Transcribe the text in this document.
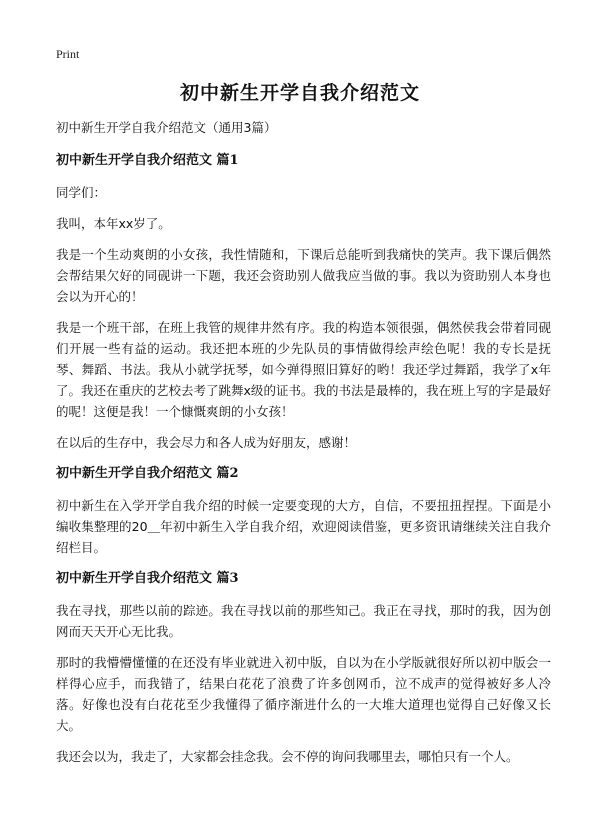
Print
初中新生开学自我介绍范文
初中新生开学自我介绍范文（通用3篇）
初中新生开学自我介绍范文 篇1

同学们：

我叫，本年xx岁了。

我是一个生动爽朗的小女孩，我性情随和，下课后总能听到我痛快的笑声。我下课后偶然会帮结果欠好的同砚讲一下题，我还会资助别人做我应当做的事。我以为资助别人本身也会以为开心的！

我是一个班干部，在班上我管的规律井然有序。我的构造本领很强，偶然侯我会带着同砚们开展一些有益的运动。我还把本班的少先队员的事情做得绘声绘色呢！我的专长是抚琴、舞蹈、书法。我从小就学抚琴，如今弹得照旧算好的哟！我还学过舞蹈，我学了x年了。我还在重庆的艺校去考了跳舞x级的证书。我的书法是最棒的，我在班上写的字是最好的呢！这便是我！一个慷慨爽朗的小女孩！

在以后的生存中，我会尽力和各人成为好朋友，感谢！

初中新生开学自我介绍范文 篇2

初中新生在入学开学自我介绍的时候一定要变现的大方，自信，不要扭扭捏捏。下面是小编收集整理的20＿年初中新生入学自我介绍，欢迎阅读借鉴，更多资讯请继续关注自我介绍栏目。

初中新生开学自我介绍范文 篇3

我在寻找，那些以前的踪迹。我在寻找以前的那些知己。我正在寻找，那时的我，因为创网而天天开心无比我。

那时的我懵懵懂懂的在还没有毕业就进入初中版，自以为在小学版就很好所以初中版会一样得心应手，而我错了，结果白花花了浪费了许多创网币，泣不成声的觉得被好多人冷落。好像也没有白花花至少我懂得了循序渐进什么的一大堆大道理也觉得自己好像又长大。

我还会以为，我走了，大家都会挂念我。会不停的询问我哪里去，哪怕只有一个人。
